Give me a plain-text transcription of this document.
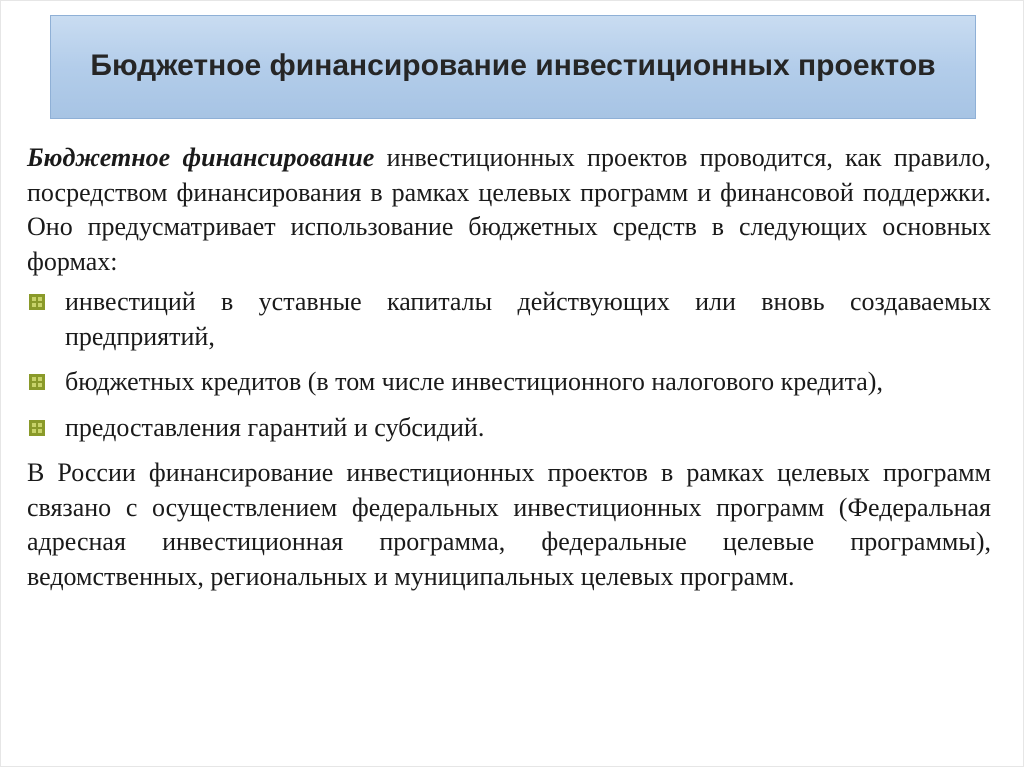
Бюджетное финансирование инвестиционных проектов

Бюджетное финансирование инвестиционных проектов проводится, как правило, посредством финансирования в рамках целевых программ и финансовой поддержки. Оно предусматривает использование бюджетных средств в следующих основных формах:

инвестиций в уставные капиталы действующих или вновь создаваемых предприятий,
бюджетных кредитов (в том числе инвестиционного налогового кредита),
предоставления гарантий и субсидий.

В России финансирование инвестиционных проектов в рамках целевых программ связано с осуществлением федеральных инвестиционных программ (Федеральная адресная инвестиционная программа, федеральные целевые программы), ведомственных, региональных и муниципальных целевых программ.
